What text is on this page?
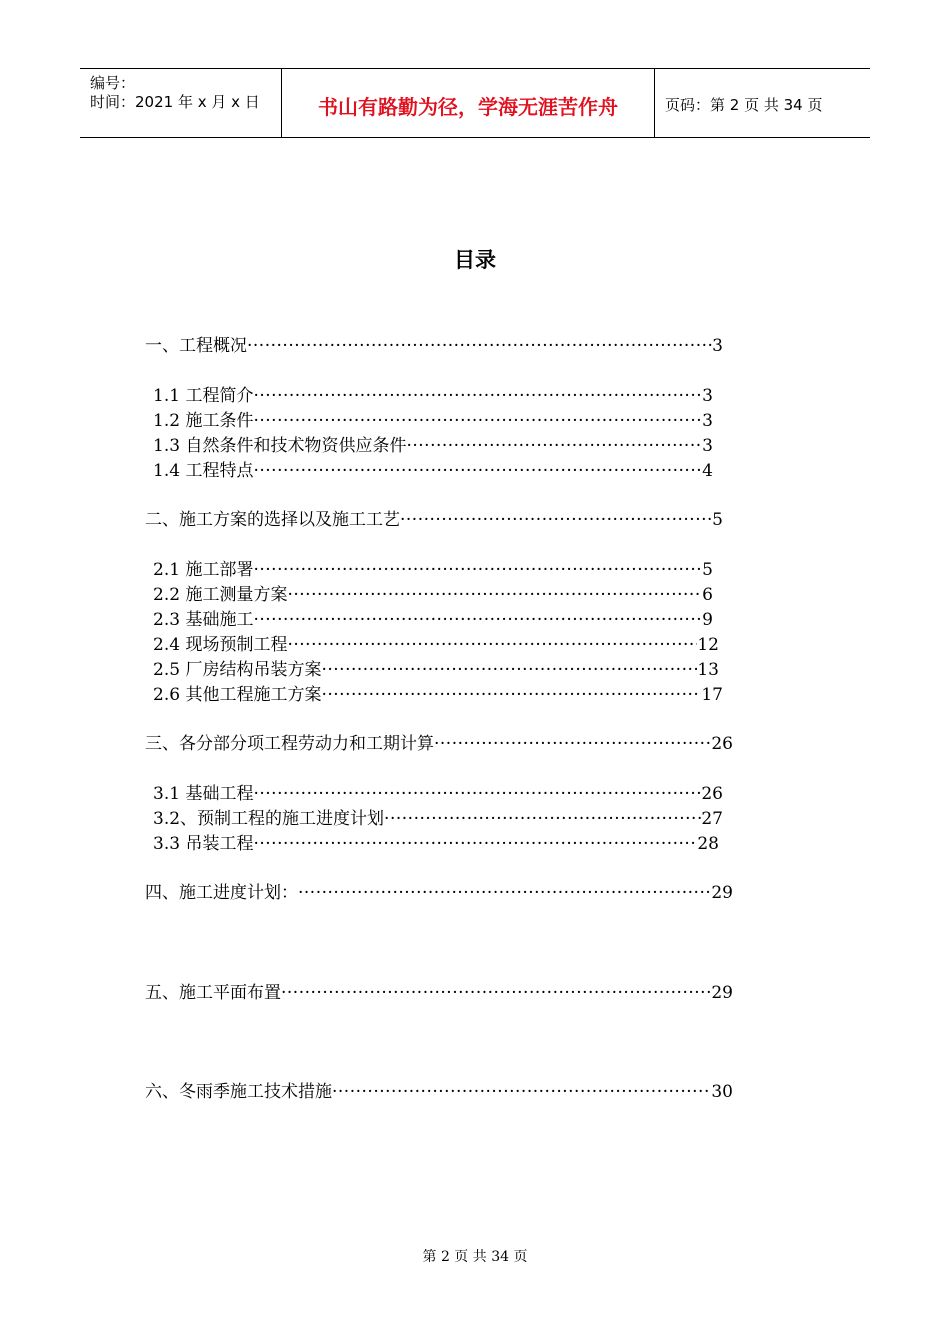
编号：
时间：2021 年 x 月 x 日	书山有路勤为径，学海无涯苦作舟	页码：第 2 页 共 34 页
目录
一、工程概况 ·····	3
1.1 工程简介 ·····	3
1.2 施工条件 ·····	3
1.3 自然条件和技术物资供应条件 ·····	3
1.4 工程特点 ·····	4
二、施工方案的选择以及施工工艺 ·····	5
2.1 施工部署 ·····	5
2.2 施工测量方案 ·····	6
2.3 基础施工 ·····	9
2.4 现场预制工程 ·····	12
2.5 厂房结构吊装方案 ·····	13
2.6 其他工程施工方案 ·····	17
三、各分部分项工程劳动力和工期计算 ·····	26
3.1 基础工程 ·····	26
3.2、预制工程的施工进度计划 ·····	27
3.3 吊装工程 ·····	28
四、施工进度计划： ·····	29
五、施工平面布置 ·····	29
六、冬雨季施工技术措施 ·····	30
第 2 页 共 34 页
